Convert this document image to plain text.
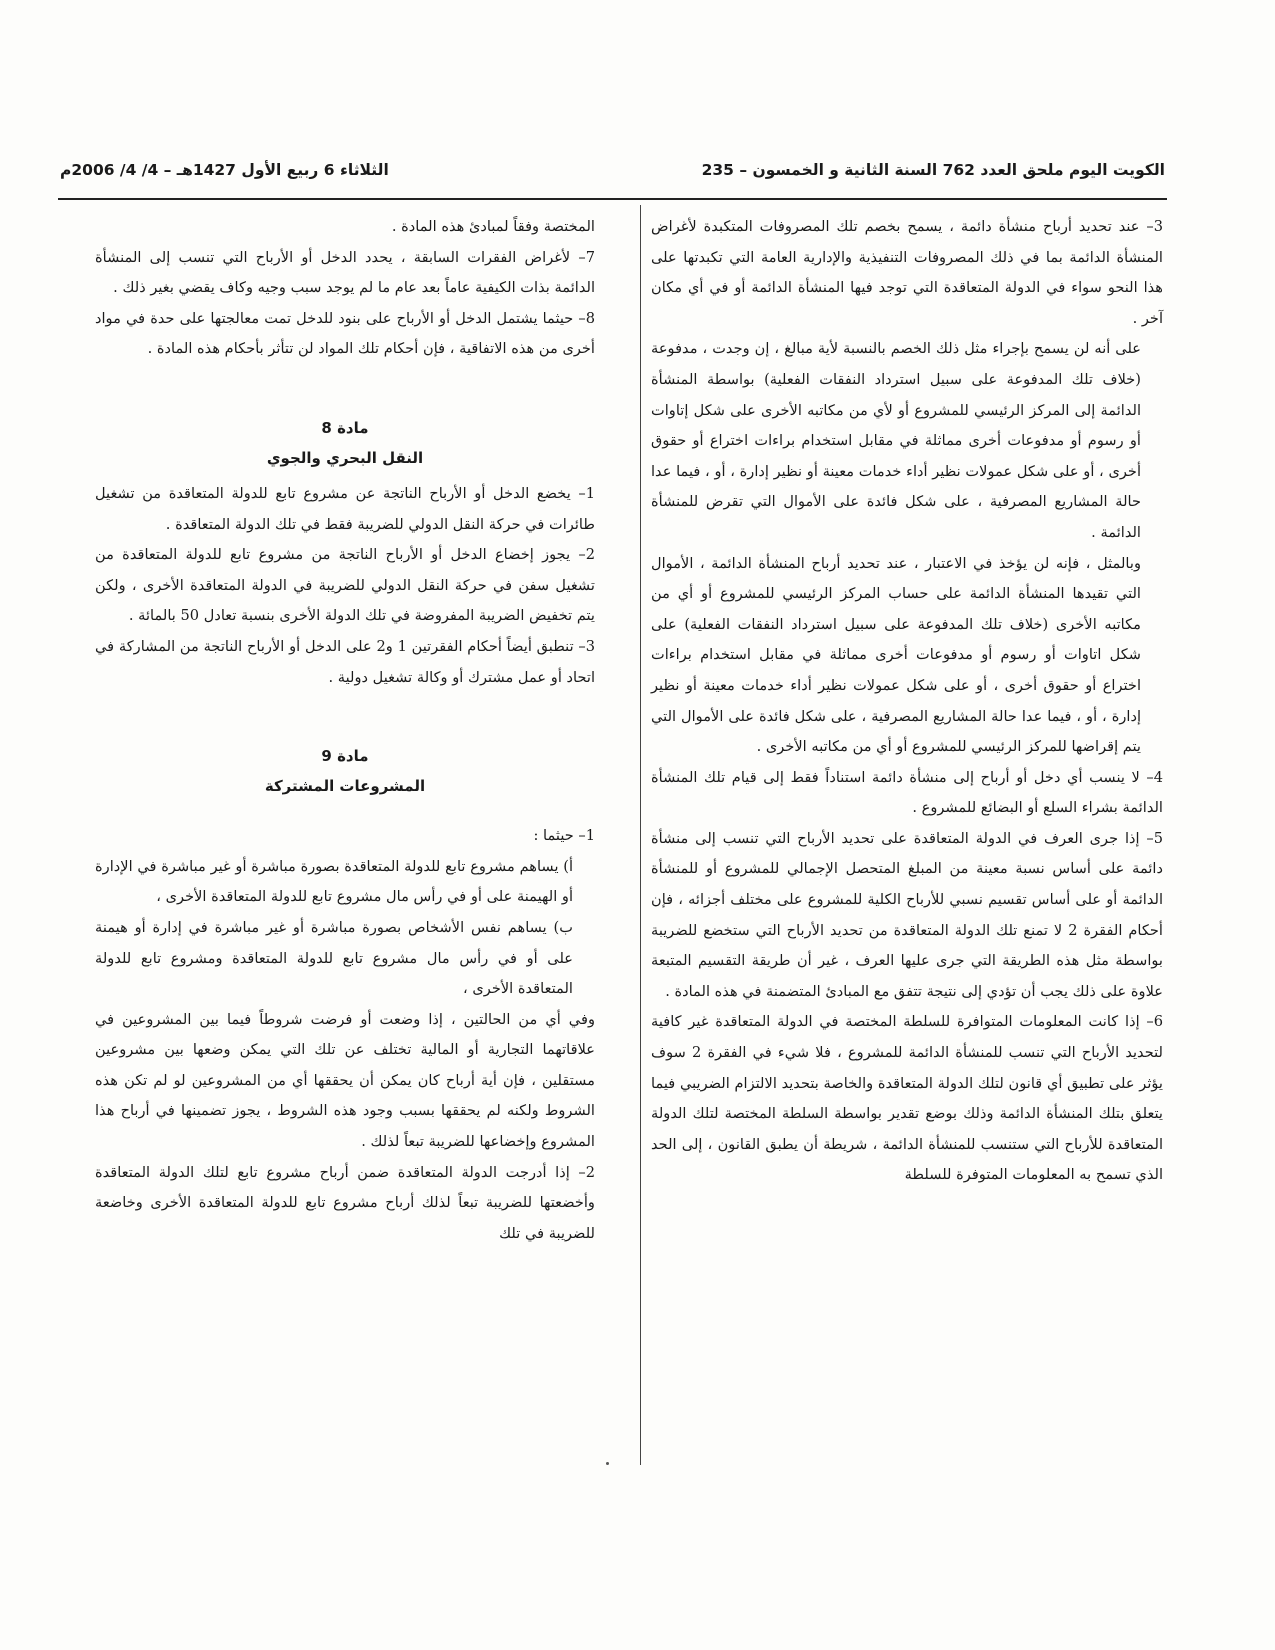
الكويت اليوم ملحق العدد 762 السنة الثانية و الخمسون – 235
الثلاثاء 6 ربيع الأول 1427هـ – 4/ 4/ 2006م

3– عند تحديد أرباح منشأة دائمة ، يسمح بخصم تلك المصروفات المتكبدة لأغراض المنشأة الدائمة بما في ذلك المصروفات التنفيذية والإدارية العامة التي تكبدتها على هذا النحو سواء في الدولة المتعاقدة التي توجد فيها المنشأة الدائمة أو في أي مكان آخر .

على أنه لن يسمح بإجراء مثل ذلك الخصم بالنسبة لأية مبالغ ، إن وجدت ، مدفوعة (خلاف تلك المدفوعة على سبيل استرداد النفقات الفعلية) بواسطة المنشأة الدائمة إلى المركز الرئيسي للمشروع أو لأي من مكاتبه الأخرى على شكل إتاوات أو رسوم أو مدفوعات أخرى مماثلة في مقابل استخدام براءات اختراع أو حقوق أخرى ، أو على شكل عمولات نظير أداء خدمات معينة أو نظير إدارة ، أو ، فيما عدا حالة المشاريع المصرفية ، على شكل فائدة على الأموال التي تقرض للمنشأة الدائمة .

وبالمثل ، فإنه لن يؤخذ في الاعتبار ، عند تحديد أرباح المنشأة الدائمة ، الأموال التي تقيدها المنشأة الدائمة على حساب المركز الرئيسي للمشروع أو أي من مكاتبه الأخرى (خلاف تلك المدفوعة على سبيل استرداد النفقات الفعلية) على شكل اتاوات أو رسوم أو مدفوعات أخرى مماثلة في مقابل استخدام براءات اختراع أو حقوق أخرى ، أو على شكل عمولات نظير أداء خدمات معينة أو نظير إدارة ، أو ، فيما عدا حالة المشاريع المصرفية ، على شكل فائدة على الأموال التي يتم إقراضها للمركز الرئيسي للمشروع أو أي من مكاتبه الأخرى .

4– لا ينسب أي دخل أو أرباح إلى منشأة دائمة استناداً فقط إلى قيام تلك المنشأة الدائمة بشراء السلع أو البضائع للمشروع .

5– إذا جرى العرف في الدولة المتعاقدة على تحديد الأرباح التي تنسب إلى منشأة دائمة على أساس نسبة معينة من المبلغ المتحصل الإجمالي للمشروع أو للمنشأة الدائمة أو على أساس تقسيم نسبي للأرباح الكلية للمشروع على مختلف أجزائه ، فإن أحكام الفقرة 2 لا تمنع تلك الدولة المتعاقدة من تحديد الأرباح التي ستخضع للضريبة بواسطة مثل هذه الطريقة التي جرى عليها العرف ، غير أن طريقة التقسيم المتبعة علاوة على ذلك يجب أن تؤدي إلى نتيجة تتفق مع المبادئ المتضمنة في هذه المادة .

6– إذا كانت المعلومات المتوافرة للسلطة المختصة في الدولة المتعاقدة غير كافية لتحديد الأرباح التي تنسب للمنشأة الدائمة للمشروع ، فلا شيء في الفقرة 2 سوف يؤثر على تطبيق أي قانون لتلك الدولة المتعاقدة والخاصة بتحديد الالتزام الضريبي فيما يتعلق بتلك المنشأة الدائمة وذلك بوضع تقدير بواسطة السلطة المختصة لتلك الدولة المتعاقدة للأرباح التي ستنسب للمنشأة الدائمة ، شريطة أن يطبق القانون ، إلى الحد الذي تسمح به المعلومات المتوفرة للسلطة

المختصة وفقاً لمبادئ هذه المادة .

7– لأغراض الفقرات السابقة ، يحدد الدخل أو الأرباح التي تنسب إلى المنشأة الدائمة بذات الكيفية عاماً بعد عام ما لم يوجد سبب وجيه وكاف يقضي بغير ذلك .

8– حيثما يشتمل الدخل أو الأرباح على بنود للدخل تمت معالجتها على حدة في مواد أخرى من هذه الاتفاقية ، فإن أحكام تلك المواد لن تتأثر بأحكام هذه المادة .

مادة 8

النقل البحري والجوي

1– يخضع الدخل أو الأرباح الناتجة عن مشروع تابع للدولة المتعاقدة من تشغيل طائرات في حركة النقل الدولي للضريبة فقط في تلك الدولة المتعاقدة .

2– يجوز إخضاع الدخل أو الأرباح الناتجة من مشروع تابع للدولة المتعاقدة من تشغيل سفن في حركة النقل الدولي للضريبة في الدولة المتعاقدة الأخرى ، ولكن يتم تخفيض الضريبة المفروضة في تلك الدولة الأخرى بنسبة تعادل 50 بالمائة .

3– تنطبق أيضاً أحكام الفقرتين 1 و2 على الدخل أو الأرباح الناتجة من المشاركة في اتحاد أو عمل مشترك أو وكالة تشغيل دولية .

مادة 9

المشروعات المشتركة

1– حيثما :

أ) يساهم مشروع تابع للدولة المتعاقدة بصورة مباشرة أو غير مباشرة في الإدارة أو الهيمنة على أو في رأس مال مشروع تابع للدولة المتعاقدة الأخرى ،

ب) يساهم نفس الأشخاص بصورة مباشرة أو غير مباشرة في إدارة أو هيمنة على أو في رأس مال مشروع تابع للدولة المتعاقدة ومشروع تابع للدولة المتعاقدة الأخرى ،

وفي أي من الحالتين ، إذا وضعت أو فرضت شروطاً فيما بين المشروعين في علاقاتهما التجارية أو المالية تختلف عن تلك التي يمكن وضعها بين مشروعين مستقلين ، فإن أية أرباح كان يمكن أن يحققها أي من المشروعين لو لم تكن هذه الشروط ولكنه لم يحققها بسبب وجود هذه الشروط ، يجوز تضمينها في أرباح هذا المشروع وإخضاعها للضريبة تبعاً لذلك .

2– إذا أدرجت الدولة المتعاقدة ضمن أرباح مشروع تابع لتلك الدولة المتعاقدة وأخضعتها للضريبة تبعاً لذلك أرباح مشروع تابع للدولة المتعاقدة الأخرى وخاضعة للضريبة في تلك
